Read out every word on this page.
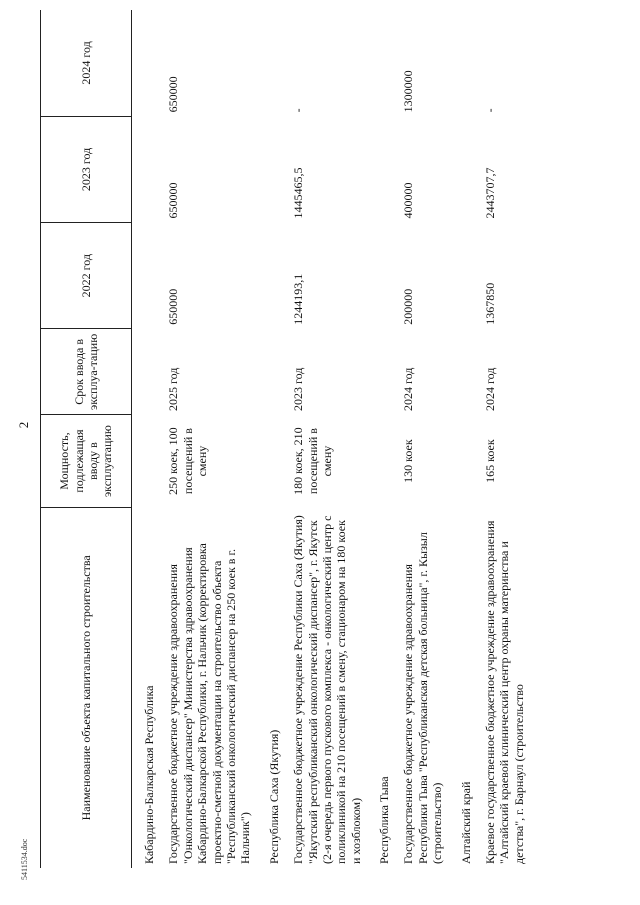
2
5411534.doc
Наименование объекта капитального строительства	Мощность, подлежащая вводу в эксплуатацию	Срок ввода в эксплуа-тацию	2022 год	2023 год	2024 год
Кабардино-Балкарская Республика					
Государственное бюджетное учреждение здравоохранения "Онкологический диспансер" Министерства здравоохранения Кабардино-Балкарской Республики, г. Нальчик (корректировка проектно-сметной документации на строительство объекта "Республиканский онкологический диспансер на 250 коек в г. Нальчик")	250 коек, 100 посещений в смену	2025 год	650000	650000	650000
Республика Саха (Якутия)					
Государственное бюджетное учреждение Республики Саха (Якутия) "Якутский республиканский онкологический диспансер", г. Якутск (2-я очередь первого пускового комплекса - онкологический центр с поликлиникой на 210 посещений в смену, стационаром на 180 коек и хозблоком)	180 коек, 210 посещений в смену	2023 год	1244193,1	1445465,5	-
Республика Тыва					
Государственное бюджетное учреждение здравоохранения Республики Тыва "Республиканская детская больница", г. Кызыл (строительство)	130 коек	2024 год	200000	400000	1300000
Алтайский край					
Краевое государственное бюджетное учреждение здравоохранения "Алтайский краевой клинический центр охраны материнства и детства", г. Барнаул (строительство	165 коек	2024 год	1367850	2443707,7	-
